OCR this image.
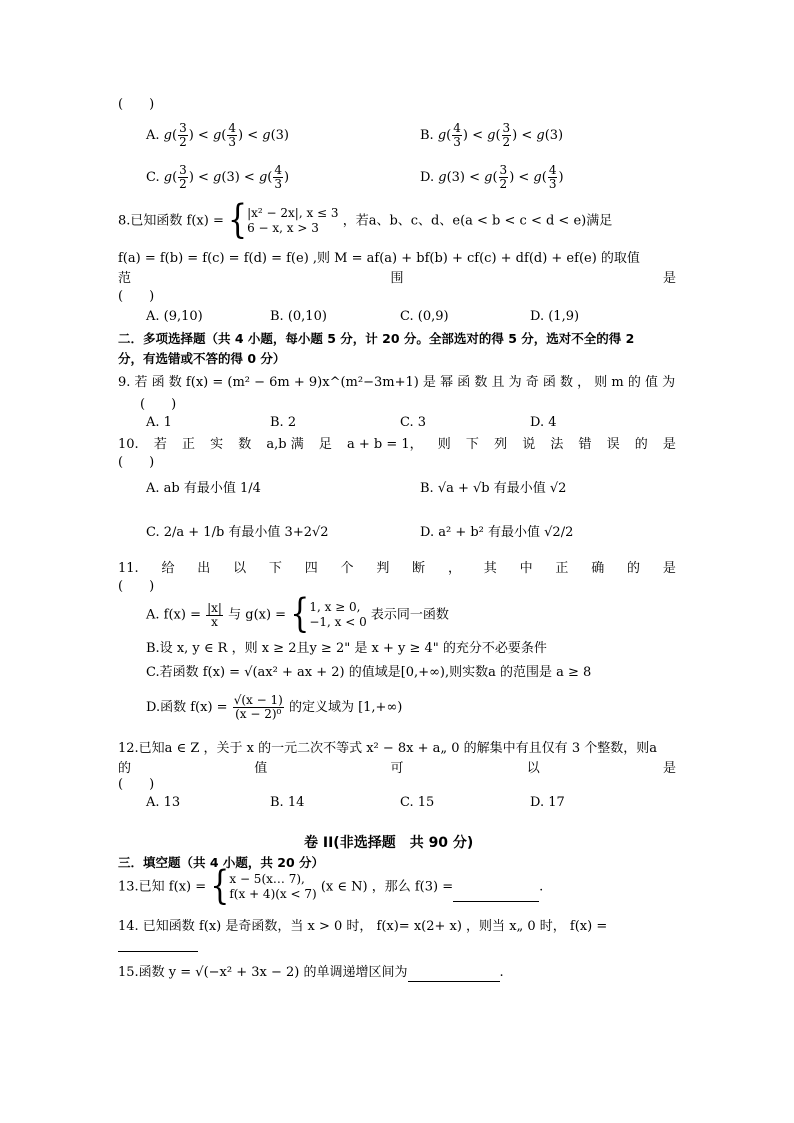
(　　)
A. $g( \frac{3}{2}$ ) < $g( \frac{4}{3}$ ) < g(3)	B. $g( \frac{4}{3}$ ) < $g( \frac{3}{2}$ ) < g(3)
C. $g( \frac{3}{2}$ ) < $g(3) < g( \frac{4}{3}$ )	D. $g(3) < g( \frac{3}{2}$ ) < $g( \frac{4}{3}$ )
8.已知函数 f(x) = { |x² − 2x|, x ≤ 3
6 − x, x > 3	，若a、b、c、d、e(a < b < c < d < e)满足
f(a) = f(b) = f(c) = f(d) = f(e) ,则 M = af(a) + bf(b) + cf(c) + df(d) + ef(e) 的取值
范	围	是
(　　)
A. (9,10)	B. (0,10)	C. (0,9)	D. (1,9)
二．多项选择题（共 4 小题，每小题 5 分，计 20 分。全部选对的得 5 分，选对不全的得 2
分，有选错或不答的得 0 分）
9. 若 函 数 f(x) = (m² − 6m + 9)x^(m²−3m+1) 是 幂 函 数 且 为 奇 函 数 ， 则 m 的 值 为
(　　)
A. 1	B. 2	C. 3	D. 4
10. 若 正 实 数 a,b 满 足 a + b = 1， 则 下 列 说 法 错 误 的 是
(　　)
A. ab 有最小值 1/4	B. √a + √b 有最小值 √2
C. 2/a + 1/b 有最小值 3+2√2	D. a² + b² 有最小值 √2/2
11. 给 出 以 下 四 个 判 断 ， 其 中 正 确 的 是
(　　)
A. $f(x) = \frac{|x|}{x}$ 与 g(x) = { 1, x ≥ 0,
−1, x < 0 表示同一函数
B.设 x, y ∈ R ，则 x ≥ 2且y ≥ 2" 是 x + y ≥ 4" 的充分不必要条件
C.若函数 f(x) = √(ax² + ax + 2) 的值域是[0,+∞),则实数a 的范围是 a ≥ 8
D.函数 $f(x) = \frac{√(x - 1)}{\text{(x − 2)⁰}}$ 的定义域为 [1,+∞)
12.已知a ∈ Z ，关于 x 的一元二次不等式 x² − 8x + a„ 0 的解集中有且仅有 3 个整数，则a
的	值	可	以	是
(　　)
A. 13	B. 14	C. 15	D. 17
卷 II(非选择题　共 90 分)
三．填空题（共 4 小题，共 20 分）
13.已知 f(x) = { x − 5(x… 7),
f(x + 4)(x < 7) (x ∈ N) ，那么 f(3) =	.
14. 已知函数 f(x) 是奇函数，当 x > 0 时， f(x)= x(2+ x) ，则当 x„ 0 时， f(x) =
15.函数 y = √(−x² + 3x − 2) 的单调递增区间为	.
